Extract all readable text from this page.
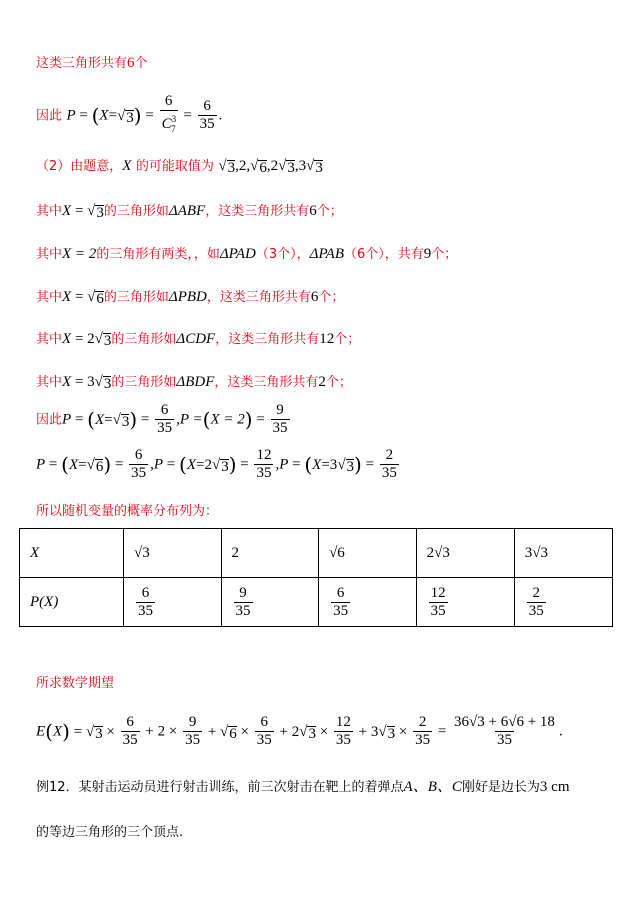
这类三角形共有6个
因此 P = (X= √ 3 ) = $\frac{6}{C^3_7} = \frac{6}{35}$ .
（2）由题意，X 的可能取值为 √ 3 ,2, √ 6 ,2 √ 3 ,3 √ 3
其中X = √ 3 的三角形如ΔABF，这类三角形共有6个；
其中X = 2的三角形有两类，，如ΔPAD（3个），ΔPAB（6个），共有9个；
其中X = √ 6 的三角形如ΔPBD，这类三角形共有6个；
其中X = 2 √ 3 的三角形如ΔCDF，这类三角形共有12个；
其中X = 3 √ 3 的三角形如ΔBDF，这类三角形共有2个；
因此P = (X= √ 3 ) = $\frac{6}{35} ,P =(X = 2) = \frac{9}{35}$
P = (X= √ 6 ) = $\frac{6}{35} ,P = (X=2$ √ 3 ) = $\frac{12}{35} ,P = (X=3$ √ 3 ) = $\frac{2}{35}$
所以随机变量的概率分布列为：
X	√3	2	√6	2√3	3√3
P(X)	$\frac{6}{35}$	$\frac{9}{35}$	$\frac{6}{35}$	$\frac{12}{35}$	$\frac{2}{35}$
所求数学期望
E(X) = √ $3 \times \frac{6}{35} + 2 \times \frac{9}{35}$ + √ $6 \times \frac{6}{35} + 2$ √ $3 \times \frac{12}{35} + 3$ √ $3 \times \frac{2}{35} = \frac{36√3 + 6√6 + 18}{35}$ .
例12．某射击运动员进行射击训练，前三次射击在靶上的着弹点A、B、C刚好是边长为3 cm
的等边三角形的三个顶点.
